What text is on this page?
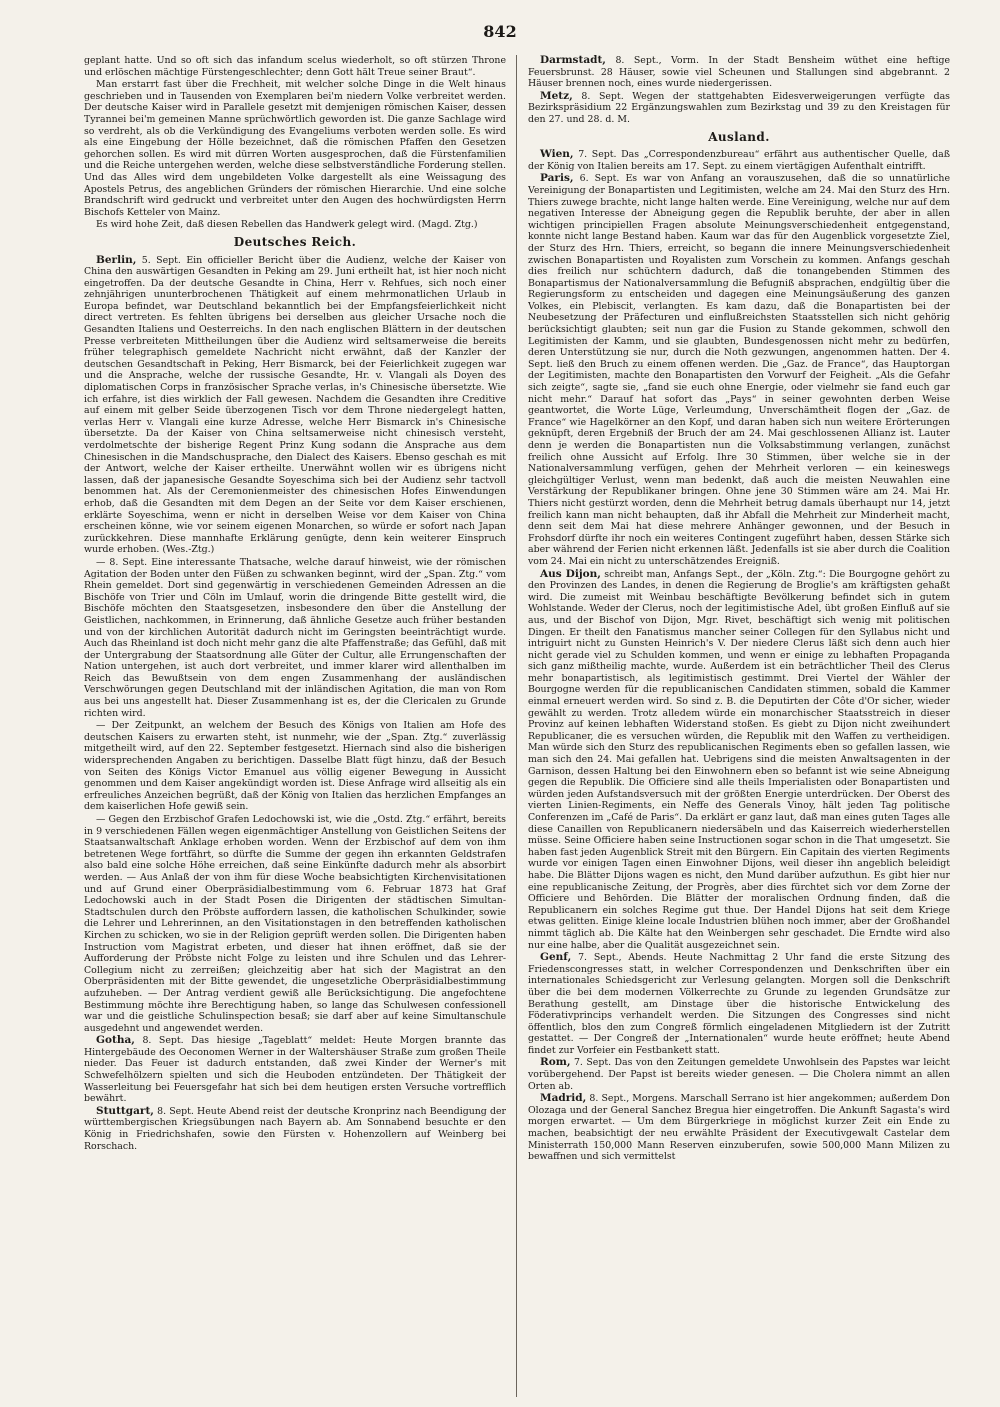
842

geplant hatte. Und so oft sich das infandum scelus wiederholt, so oft stürzen Throne und erlöschen mächtige Fürstengeschlechter; denn Gott hält Treue seiner Braut“.

Man erstarrt fast über die Frechheit, mit welcher solche Dinge in die Welt hinaus geschrieben und in Tausenden von Exemplaren bei'm niedern Volke verbreitet werden. Der deutsche Kaiser wird in Parallele gesetzt mit demjenigen römischen Kaiser, dessen Tyrannei bei'm gemeinen Manne sprüchwörtlich geworden ist. Die ganze Sachlage wird so verdreht, als ob die Verkündigung des Evangeliums verboten werden solle. Es wird als eine Eingebung der Hölle bezeichnet, daß die römischen Pfaffen den Gesetzen gehorchen sollen. Es wird mit dürren Worten ausgesprochen, daß die Fürstenfamilien und die Reiche untergehen werden, welche diese selbstverständliche Forderung stellen. Und das Alles wird dem ungebildeten Volke dargestellt als eine Weissagung des Apostels Petrus, des angeblichen Gründers der römischen Hierarchie. Und eine solche Brandschrift wird gedruckt und verbreitet unter den Augen des hochwürdigsten Herrn Bischofs Ketteler von Mainz.

Es wird hohe Zeit, daß diesen Rebellen das Handwerk gelegt wird. (Magd. Ztg.)

Deutsches Reich.

Berlin, 5. Sept. Ein officieller Bericht über die Audienz, welche der Kaiser von China den auswärtigen Gesandten in Peking am 29. Juni ertheilt hat, ist hier noch nicht eingetroffen. Da der deutsche Gesandte in China, Herr v. Rehfues, sich noch einer zehnjährigen ununterbrochenen Thätigkeit auf einem mehrmonatlichen Urlaub in Europa befindet, war Deutschland bekanntlich bei der Empfangsfeierlichkeit nicht direct vertreten. Es fehlten übrigens bei derselben aus gleicher Ursache noch die Gesandten Italiens und Oesterreichs. In den nach englischen Blättern in der deutschen Presse verbreiteten Mittheilungen über die Audienz wird seltsamerweise die bereits früher telegraphisch gemeldete Nachricht nicht erwähnt, daß der Kanzler der deutschen Gesandtschaft in Peking, Herr Bismarck, bei der Feierlichkeit zugegen war und die Ansprache, welche der russische Gesandte, Hr. v. Vlangali als Doyen des diplomatischen Corps in französischer Sprache verlas, in's Chinesische übersetzte. Wie ich erfahre, ist dies wirklich der Fall gewesen. Nachdem die Gesandten ihre Creditive auf einem mit gelber Seide überzogenen Tisch vor dem Throne niedergelegt hatten, verlas Herr v. Vlangali eine kurze Adresse, welche Herr Bismarck in's Chinesische übersetzte. Da der Kaiser von China seltsamerweise nicht chinesisch versteht, verdolmetschte der bisherige Regent Prinz Kung sodann die Ansprache aus dem Chinesischen in die Mandschusprache, den Dialect des Kaisers. Ebenso geschah es mit der Antwort, welche der Kaiser ertheilte. Unerwähnt wollen wir es übrigens nicht lassen, daß der japanesische Gesandte Soyeschima sich bei der Audienz sehr tactvoll benommen hat. Als der Ceremonienmeister des chinesischen Hofes Einwendungen erhob, daß die Gesandten mit dem Degen an der Seite vor dem Kaiser erschienen, erklärte Soyeschima, wenn er nicht in derselben Weise vor dem Kaiser von China erscheinen könne, wie vor seinem eigenen Monarchen, so würde er sofort nach Japan zurückkehren. Diese mannhafte Erklärung genügte, denn kein weiterer Einspruch wurde erhoben. (Wes.-Ztg.)

— 8. Sept. Eine interessante Thatsache, welche darauf hinweist, wie der römischen Agitation der Boden unter den Füßen zu schwanken beginnt, wird der „Span. Ztg.“ vom Rhein gemeldet. Dort sind gegenwärtig in verschiedenen Gemeinden Adressen an die Bischöfe von Trier und Cöln im Umlauf, worin die dringende Bitte gestellt wird, die Bischöfe möchten den Staatsgesetzen, insbesondere den über die Anstellung der Geistlichen, nachkommen, in Erinnerung, daß ähnliche Gesetze auch früher bestanden und von der kirchlichen Autorität dadurch nicht im Geringsten beeinträchtigt wurde. Auch das Rheinland ist doch nicht mehr ganz die alte Pfaffenstraße; das Gefühl, daß mit der Untergrabung der Staatsordnung alle Güter der Cultur, alle Errungenschaften der Nation untergehen, ist auch dort verbreitet, und immer klarer wird allenthalben im Reich das Bewußtsein von dem engen Zusammenhang der ausländischen Verschwörungen gegen Deutschland mit der inländischen Agitation, die man von Rom aus bei uns angestellt hat. Dieser Zusammenhang ist es, der die Clericalen zu Grunde richten wird.

— Der Zeitpunkt, an welchem der Besuch des Königs von Italien am Hofe des deutschen Kaisers zu erwarten steht, ist nunmehr, wie der „Span. Ztg.“ zuverlässig mitgetheilt wird, auf den 22. September festgesetzt. Hiernach sind also die bisherigen widersprechenden Angaben zu berichtigen. Dasselbe Blatt fügt hinzu, daß der Besuch von Seiten des Königs Victor Emanuel aus völlig eigener Bewegung in Aussicht genommen und dem Kaiser angekündigt worden ist. Diese Anfrage wird allseitig als ein erfreuliches Anzeichen begrüßt, daß der König von Italien das herzlichen Empfanges an dem kaiserlichen Hofe gewiß sein.

— Gegen den Erzbischof Grafen Ledochowski ist, wie die „Ostd. Ztg.“ erfährt, bereits in 9 verschiedenen Fällen wegen eigenmächtiger Anstellung von Geistlichen Seitens der Staatsanwaltschaft Anklage erhoben worden. Wenn der Erzbischof auf dem von ihm betretenen Wege fortfährt, so dürfte die Summe der gegen ihn erkannten Geldstrafen also bald eine solche Höhe erreichen, daß seine Einkünfte dadurch mehr als absorbirt werden. — Aus Anlaß der von ihm für diese Woche beabsichtigten Kirchenvisitationen und auf Grund einer Oberpräsidialbestimmung vom 6. Februar 1873 hat Graf Ledochowski auch in der Stadt Posen die Dirigenten der städtischen Simultan-Stadtschulen durch den Pröbste auffordern lassen, die katholischen Schulkinder, sowie die Lehrer und Lehrerinnen, an den Visitationstagen in den betreffenden katholischen Kirchen zu schicken, wo sie in der Religion geprüft werden sollen. Die Dirigenten haben Instruction vom Magistrat erbeten, und dieser hat ihnen eröffnet, daß sie der Aufforderung der Pröbste nicht Folge zu leisten und ihre Schulen und das Lehrer-Collegium nicht zu zerreißen; gleichzeitig aber hat sich der Magistrat an den Oberpräsidenten mit der Bitte gewendet, die ungesetzliche Oberpräsidialbestimmung aufzuheben. — Der Antrag verdient gewiß alle Berücksichtigung. Die angefochtene Bestimmung möchte ihre Berechtigung haben, so lange das Schulwesen confessionell war und die geistliche Schulinspection besaß; sie darf aber auf keine Simultanschule ausgedehnt und angewendet werden.

Gotha, 8. Sept. Das hiesige „Tageblatt“ meldet: Heute Morgen brannte das Hintergebäude des Oeconomen Werner in der Waltershäuser Straße zum großen Theile nieder. Das Feuer ist dadurch entstanden, daß zwei Kinder der Werner's mit Schwefelhölzern spielten und sich die Heuboden entzündeten. Der Thätigkeit der Wasserleitung bei Feuersgefahr hat sich bei dem heutigen ersten Versuche vortrefflich bewährt.

Stuttgart, 8. Sept. Heute Abend reist der deutsche Kronprinz nach Beendigung der württembergischen Kriegsübungen nach Bayern ab. Am Sonnabend besuchte er den König in Friedrichshafen, sowie den Fürsten v. Hohenzollern auf Weinberg bei Rorschach.

Darmstadt, 8. Sept., Vorm. In der Stadt Bensheim wüthet eine heftige Feuersbrunst. 28 Häuser, sowie viel Scheunen und Stallungen sind abgebrannt. 2 Häuser brennen noch, eines wurde niedergerissen.

Metz, 8. Sept. Wegen der stattgehabten Eidesverweigerungen verfügte das Bezirkspräsidium 22 Ergänzungswahlen zum Bezirkstag und 39 zu den Kreistagen für den 27. und 28. d. M.

Ausland.

Wien, 7. Sept. Das „Correspondenzbureau“ erfährt aus authentischer Quelle, daß der König von Italien bereits am 17. Sept. zu einem viertägigen Aufenthalt eintrifft.

Paris, 6. Sept. Es war von Anfang an vorauszusehen, daß die so unnatürliche Vereinigung der Bonapartisten und Legitimisten, welche am 24. Mai den Sturz des Hrn. Thiers zuwege brachte, nicht lange halten werde. Eine Vereinigung, welche nur auf dem negativen Interesse der Abneigung gegen die Republik beruhte, der aber in allen wichtigen principiellen Fragen absolute Meinungsverschiedenheit entgegenstand, konnte nicht lange Bestand haben. Kaum war das für den Augenblick vorgesetzte Ziel, der Sturz des Hrn. Thiers, erreicht, so begann die innere Meinungsverschiedenheit zwischen Bonapartisten und Royalisten zum Vorschein zu kommen. Anfangs geschah dies freilich nur schüchtern dadurch, daß die tonangebenden Stimmen des Bonapartismus der Nationalversammlung die Befugniß absprachen, endgültig über die Regierungsform zu entscheiden und dagegen eine Meinungsäußerung des ganzen Volkes, ein Plebiscit, verlangten. Es kam dazu, daß die Bonapartisten bei der Neubesetzung der Präfecturen und einflußreichsten Staatsstellen sich nicht gehörig berücksichtigt glaubten; seit nun gar die Fusion zu Stande gekommen, schwoll den Legitimisten der Kamm, und sie glaubten, Bundesgenossen nicht mehr zu bedürfen, deren Unterstützung sie nur, durch die Noth gezwungen, angenommen hatten. Der 4. Sept. ließ den Bruch zu einem offenen werden. Die „Gaz. de France“, das Hauptorgan der Legitimisten, machte den Bonapartisten den Vorwurf der Feigheit. „Als die Gefahr sich zeigte“, sagte sie, „fand sie euch ohne Energie, oder vielmehr sie fand euch gar nicht mehr.“ Darauf hat sofort das „Pays“ in seiner gewohnten derben Weise geantwortet, die Worte Lüge, Verleumdung, Unverschämtheit flogen der „Gaz. de France“ wie Hagelkörner an den Kopf, und daran haben sich nun weitere Erörterungen geknüpft, deren Ergebniß der Bruch der am 24. Mai geschlossenen Allianz ist. Lauter denn je werden die Bonapartisten nun die Volksabstimmung verlangen, zunächst freilich ohne Aussicht auf Erfolg. Ihre 30 Stimmen, über welche sie in der Nationalversammlung verfügen, gehen der Mehrheit verloren — ein keineswegs gleichgültiger Verlust, wenn man bedenkt, daß auch die meisten Neuwahlen eine Verstärkung der Republikaner bringen. Ohne jene 30 Stimmen wäre am 24. Mai Hr. Thiers nicht gestürzt worden, denn die Mehrheit betrug damals überhaupt nur 14, jetzt freilich kann man nicht behaupten, daß ihr Abfall die Mehrheit zur Minderheit macht, denn seit dem Mai hat diese mehrere Anhänger gewonnen, und der Besuch in Frohsdorf dürfte ihr noch ein weiteres Contingent zugeführt haben, dessen Stärke sich aber während der Ferien nicht erkennen läßt. Jedenfalls ist sie aber durch die Coalition vom 24. Mai ein nicht zu unterschätzendes Ereigniß.

Aus Dijon, schreibt man, Anfangs Sept., der „Köln. Ztg.“: Die Bourgogne gehört zu den Provinzen des Landes, in denen die Regierung de Broglie's am kräftigsten gehaßt wird. Die zumeist mit Weinbau beschäftigte Bevölkerung befindet sich in gutem Wohlstande. Weder der Clerus, noch der legitimistische Adel, übt großen Einfluß auf sie aus, und der Bischof von Dijon, Mgr. Rivet, beschäftigt sich wenig mit politischen Dingen. Er theilt den Fanatismus mancher seiner Collegen für den Syllabus nicht und intriguirt nicht zu Gunsten Heinrich's V. Der niedere Clerus läßt sich denn auch hier nicht gerade viel zu Schulden kommen, und wenn er einige zu lebhaften Propaganda sich ganz mißtheilig machte, wurde. Außerdem ist ein beträchtlicher Theil des Clerus mehr bonapartistisch, als legitimistisch gestimmt. Drei Viertel der Wähler der Bourgogne werden für die republicanischen Candidaten stimmen, sobald die Kammer einmal erneuert werden wird. So sind z. B. die Deputirten der Côte d'Or sicher, wieder gewählt zu werden. Trotz alledem würde ein monarchischer Staatsstreich in dieser Provinz auf keinen lebhaften Widerstand stoßen. Es giebt zu Dijon nicht zweihundert Republicaner, die es versuchen würden, die Republik mit den Waffen zu vertheidigen. Man würde sich den Sturz des republicanischen Regiments eben so gefallen lassen, wie man sich den 24. Mai gefallen hat. Uebrigens sind die meisten Anwaltsagenten in der Garnison, dessen Haltung bei den Einwohnern eben so befannt ist wie seine Abneigung gegen die Republik. Die Officiere sind alle theils Imperialisten oder Bonapartisten und würden jeden Aufstandsversuch mit der größten Energie unterdrücken. Der Oberst des vierten Linien-Regiments, ein Neffe des Generals Vinoy, hält jeden Tag politische Conferenzen im „Café de Paris“. Da erklärt er ganz laut, daß man eines guten Tages alle diese Canaillen von Republicanern niedersäbeln und das Kaiserreich wiederherstellen müsse. Seine Officiere haben seine Instructionen sogar schon in die That umgesetzt. Sie haben fast jeden Augenblick Streit mit den Bürgern. Ein Capitain des vierten Regiments wurde vor einigen Tagen einen Einwohner Dijons, weil dieser ihn angeblich beleidigt habe. Die Blätter Dijons wagen es nicht, den Mund darüber aufzuthun. Es gibt hier nur eine republicanische Zeitung, der Progrès, aber dies fürchtet sich vor dem Zorne der Officiere und Behörden. Die Blätter der moralischen Ordnung finden, daß die Republicanern ein solches Regime gut thue. Der Handel Dijons hat seit dem Kriege etwas gelitten. Einige kleine locale Industrien blühen noch immer, aber der Großhandel nimmt täglich ab. Die Kälte hat den Weinbergen sehr geschadet. Die Erndte wird also nur eine halbe, aber die Qualität ausgezeichnet sein.

Genf, 7. Sept., Abends. Heute Nachmittag 2 Uhr fand die erste Sitzung des Friedenscongresses statt, in welcher Correspondenzen und Denkschriften über ein internationales Schiedsgericht zur Verlesung gelangten. Morgen soll die Denkschrift über die bei dem modernen Völkerrechte zu Grunde zu legenden Grundsätze zur Berathung gestellt, am Dinstage über die historische Entwickelung des Föderativprincips verhandelt werden. Die Sitzungen des Congresses sind nicht öffentlich, blos den zum Congreß förmlich eingeladenen Mitgliedern ist der Zutritt gestattet. — Der Congreß der „Internationalen“ wurde heute eröffnet; heute Abend findet zur Vorfeier ein Festbankett statt.

Rom, 7. Sept. Das von den Zeitungen gemeldete Unwohlsein des Papstes war leicht vorübergehend. Der Papst ist bereits wieder genesen. — Die Cholera nimmt an allen Orten ab.

Madrid, 8. Sept., Morgens. Marschall Serrano ist hier angekommen; außerdem Don Olozaga und der General Sanchez Bregua hier eingetroffen. Die Ankunft Sagasta's wird morgen erwartet. — Um dem Bürgerkriege in möglichst kurzer Zeit ein Ende zu machen, beabsichtigt der neu erwählte Präsident der Executivgewalt Castelar dem Ministerrath 150,000 Mann Reserven einzuberufen, sowie 500,000 Mann Milizen zu bewaffnen und sich vermittelst
